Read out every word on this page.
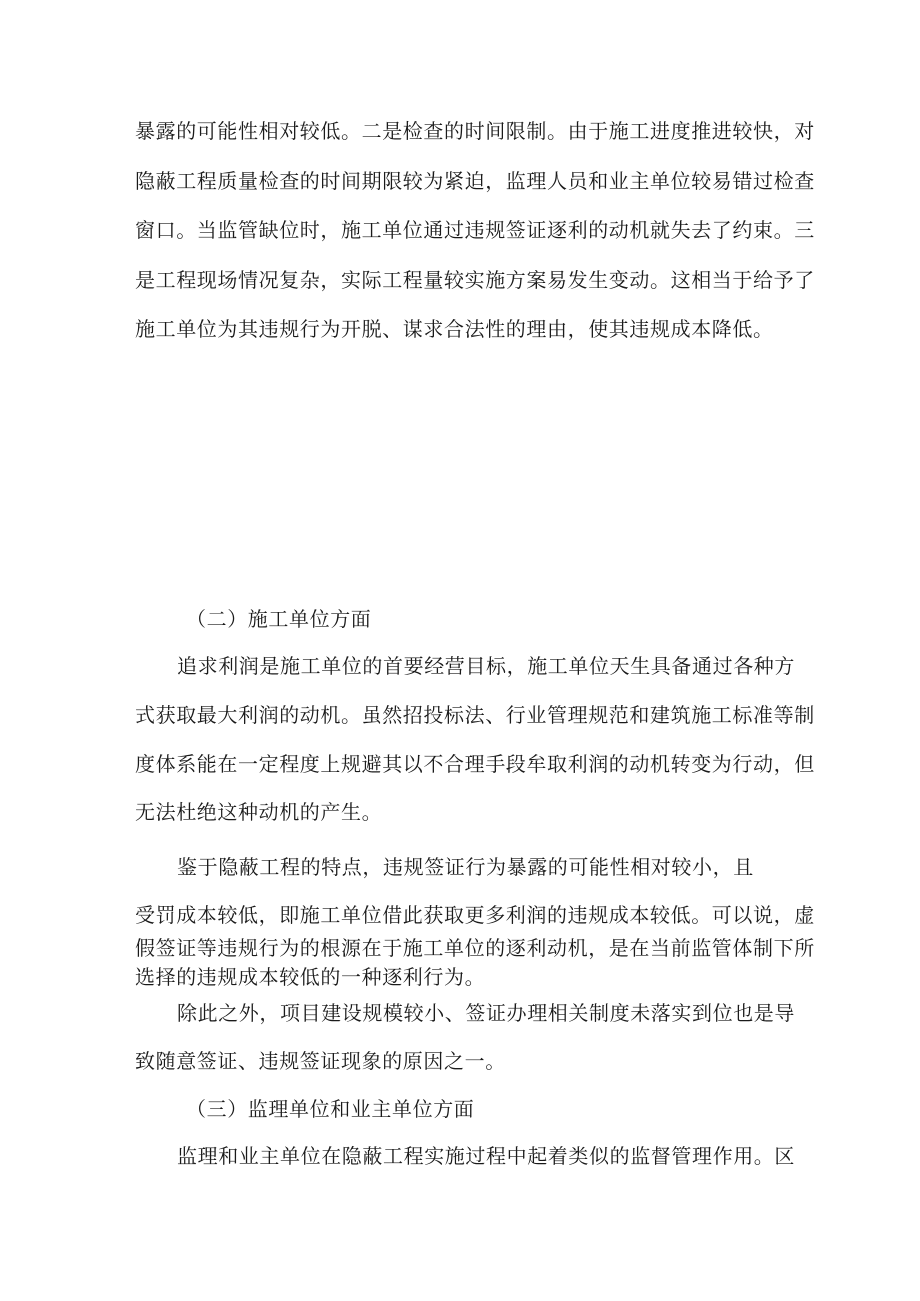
暴露的可能性相对较低。二是检查的时间限制。由于施工进度推进较快，对
隐蔽工程质量检查的时间期限较为紧迫，监理人员和业主单位较易错过检查
窗口。当监管缺位时，施工单位通过违规签证逐利的动机就失去了约束。三
是工程现场情况复杂，实际工程量较实施方案易发生变动。这相当于给予了
施工单位为其违规行为开脱、谋求合法性的理由，使其违规成本降低。
（二）施工单位方面
追求利润是施工单位的首要经营目标，施工单位天生具备通过各种方
式获取最大利润的动机。虽然招投标法、行业管理规范和建筑施工标准等制
度体系能在一定程度上规避其以不合理手段牟取利润的动机转变为行动，但
无法杜绝这种动机的产生。
鉴于隐蔽工程的特点，违规签证行为暴露的可能性相对较小，且
受罚成本较低，即施工单位借此获取更多利润的违规成本较低。可以说，虚
假签证等违规行为的根源在于施工单位的逐利动机，是在当前监管体制下所
选择的违规成本较低的一种逐利行为。
除此之外，项目建设规模较小、签证办理相关制度未落实到位也是导
致随意签证、违规签证现象的原因之一。
（三）监理单位和业主单位方面
监理和业主单位在隐蔽工程实施过程中起着类似的监督管理作用。区
